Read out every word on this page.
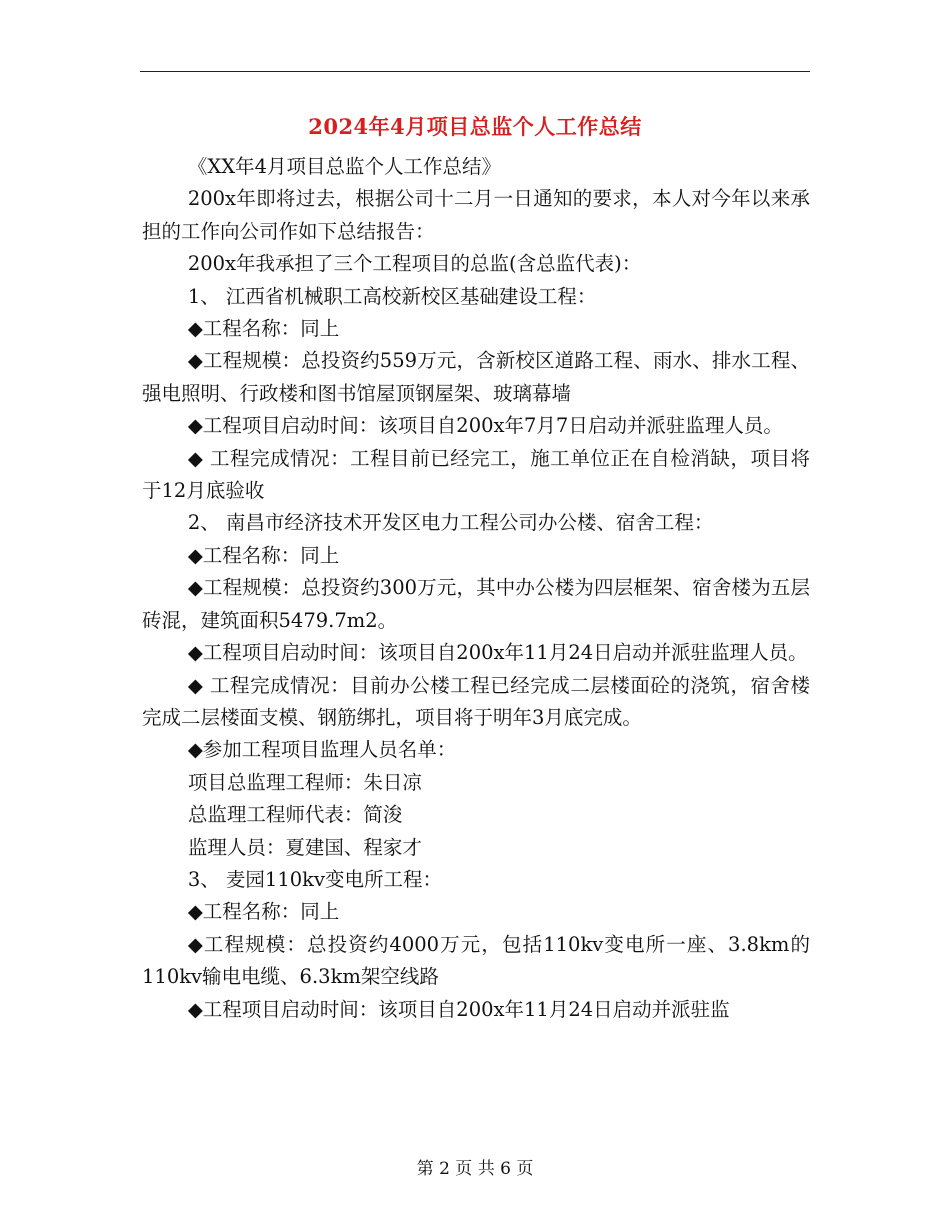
2024年4月项目总监个人工作总结

《XX年4月项目总监个人工作总结》

200x年即将过去，根据公司十二月一日通知的要求，本人对今年以来承担的工作向公司作如下总结报告：

200x年我承担了三个工程项目的总监(含总监代表)：

1、 江西省机械职工高校新校区基础建设工程：

◆工程名称：同上

◆工程规模：总投资约559万元，含新校区道路工程、雨水、排水工程、强电照明、行政楼和图书馆屋顶钢屋架、玻璃幕墙

◆工程项目启动时间：该项目自200x年7月7日启动并派驻监理人员。

◆ 工程完成情况：工程目前已经完工，施工单位正在自检消缺，项目将于12月底验收

2、 南昌市经济技术开发区电力工程公司办公楼、宿舍工程：

◆工程名称：同上

◆工程规模：总投资约300万元，其中办公楼为四层框架、宿舍楼为五层砖混，建筑面积5479.7m2。

◆工程项目启动时间：该项目自200x年11月24日启动并派驻监理人员。

◆ 工程完成情况：目前办公楼工程已经完成二层楼面砼的浇筑，宿舍楼完成二层楼面支模、钢筋绑扎，项目将于明年3月底完成。

◆参加工程项目监理人员名单：

项目总监理工程师：朱日凉

总监理工程师代表：简浚

监理人员：夏建国、程家才

3、 麦园110kv变电所工程：

◆工程名称：同上

◆工程规模：总投资约4000万元，包括110kv变电所一座、3.8km的110kv输电电缆、6.3km架空线路

◆工程项目启动时间：该项目自200x年11月24日启动并派驻监

第 2 页 共 6 页
